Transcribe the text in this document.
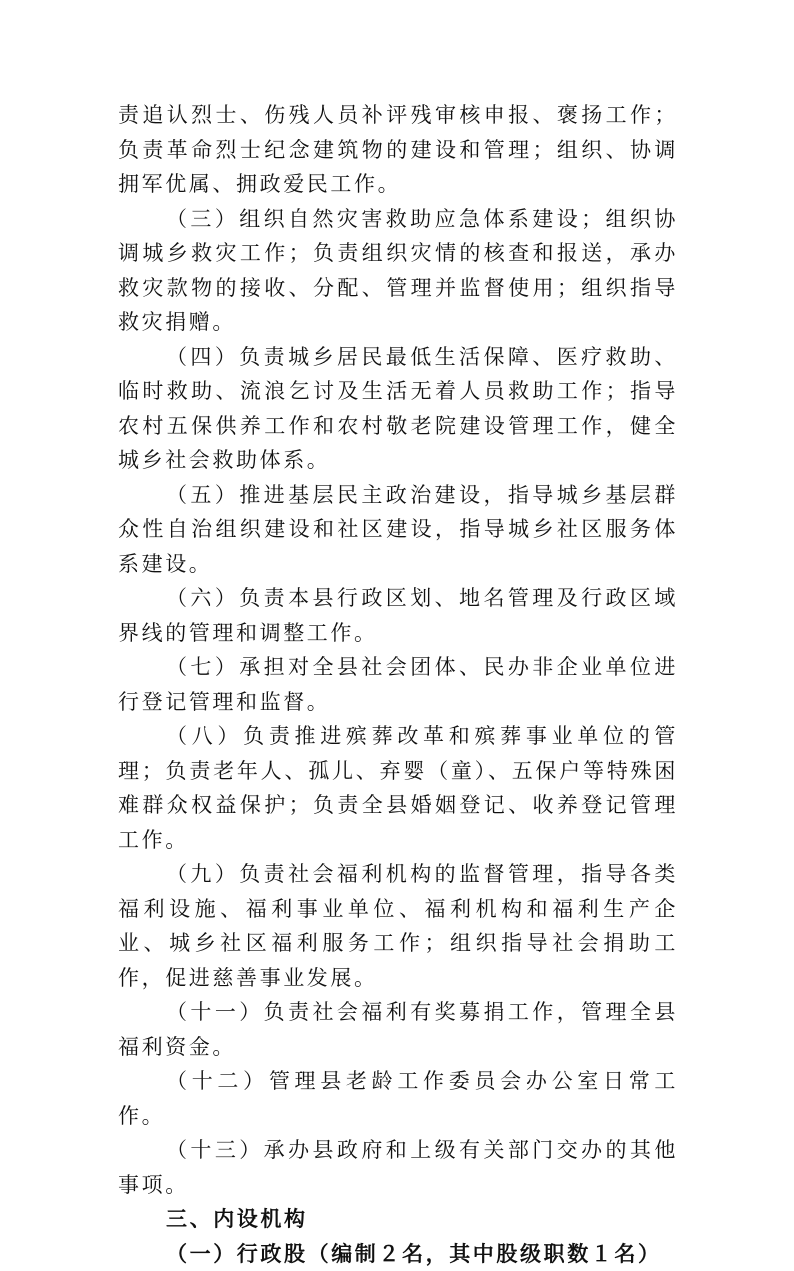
责追认烈士、伤残人员补评残审核申报、褒扬工作；负责革命烈士纪念建筑物的建设和管理；组织、协调拥军优属、拥政爱民工作。

（三）组织自然灾害救助应急体系建设；组织协调城乡救灾工作；负责组织灾情的核查和报送，承办救灾款物的接收、分配、管理并监督使用；组织指导救灾捐赠。

（四）负责城乡居民最低生活保障、医疗救助、临时救助、流浪乞讨及生活无着人员救助工作；指导农村五保供养工作和农村敬老院建设管理工作，健全城乡社会救助体系。

（五）推进基层民主政治建设，指导城乡基层群众性自治组织建设和社区建设，指导城乡社区服务体系建设。

（六）负责本县行政区划、地名管理及行政区域界线的管理和调整工作。

（七）承担对全县社会团体、民办非企业单位进行登记管理和监督。

（八）负责推进殡葬改革和殡葬事业单位的管理；负责老年人、孤儿、弃婴（童）、五保户等特殊困难群众权益保护；负责全县婚姻登记、收养登记管理工作。

（九）负责社会福利机构的监督管理，指导各类福利设施、福利事业单位、福利机构和福利生产企业、城乡社区福利服务工作；组织指导社会捐助工作，促进慈善事业发展。

（十一）负责社会福利有奖募捐工作，管理全县福利资金。

（十二）管理县老龄工作委员会办公室日常工作。

（十三）承办县政府和上级有关部门交办的其他事项。

三、内设机构

（一）行政股（编制２名，其中股级职数１名）
